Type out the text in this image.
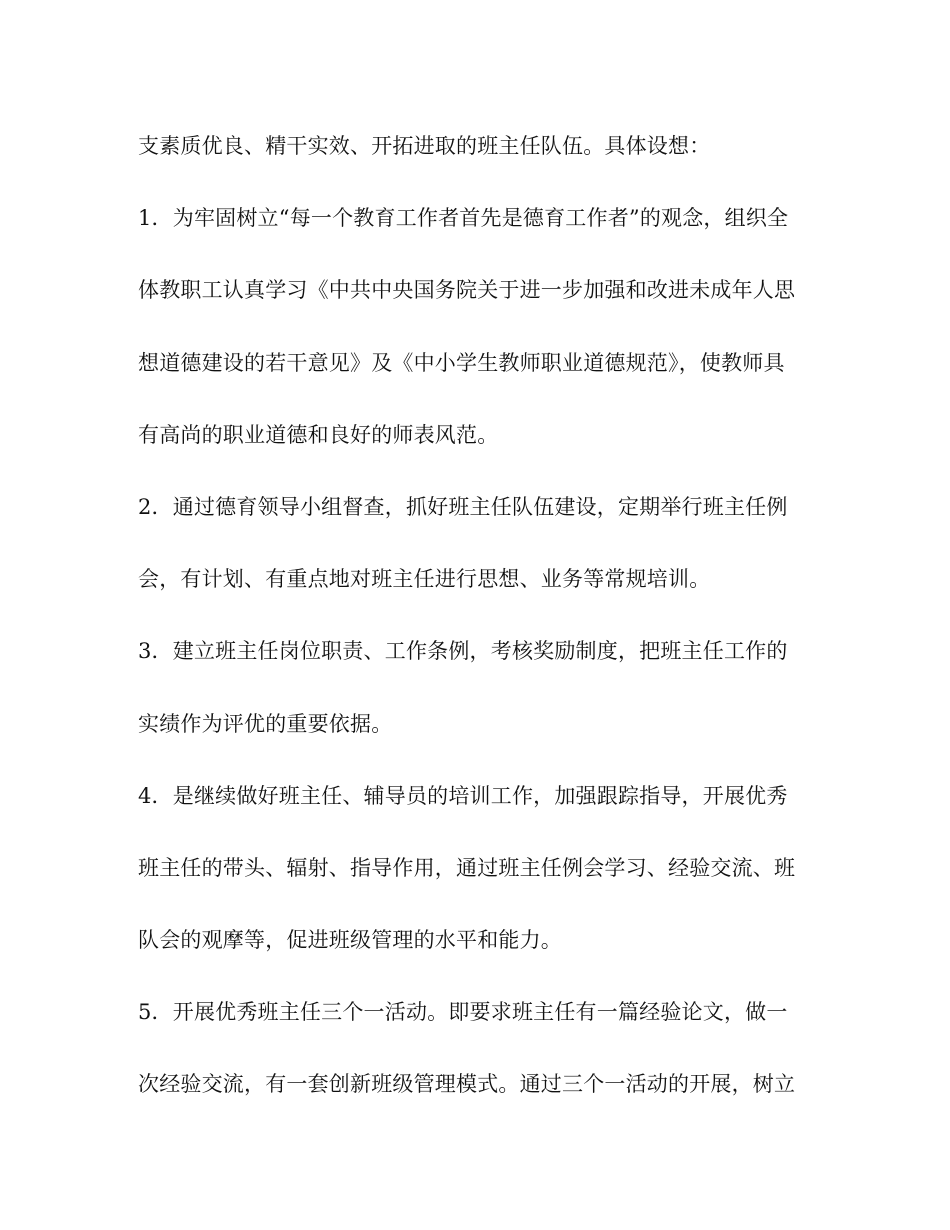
支素质优良、精干实效、开拓进取的班主任队伍。具体设想：
1．为牢固树立“每一个教育工作者首先是德育工作者”的观念，组织全
体教职工认真学习《中共中央国务院关于进一步加强和改进未成年人思
想道德建设的若干意见》及《中小学生教师职业道德规范》，使教师具
有高尚的职业道德和良好的师表风范。
2．通过德育领导小组督查，抓好班主任队伍建设，定期举行班主任例
会，有计划、有重点地对班主任进行思想、业务等常规培训。
3．建立班主任岗位职责、工作条例，考核奖励制度，把班主任工作的
实绩作为评优的重要依据。
4．是继续做好班主任、辅导员的培训工作，加强跟踪指导，开展优秀
班主任的带头、辐射、指导作用，通过班主任例会学习、经验交流、班
队会的观摩等，促进班级管理的水平和能力。
5．开展优秀班主任三个一活动。即要求班主任有一篇经验论文，做一
次经验交流，有一套创新班级管理模式。通过三个一活动的开展，树立
